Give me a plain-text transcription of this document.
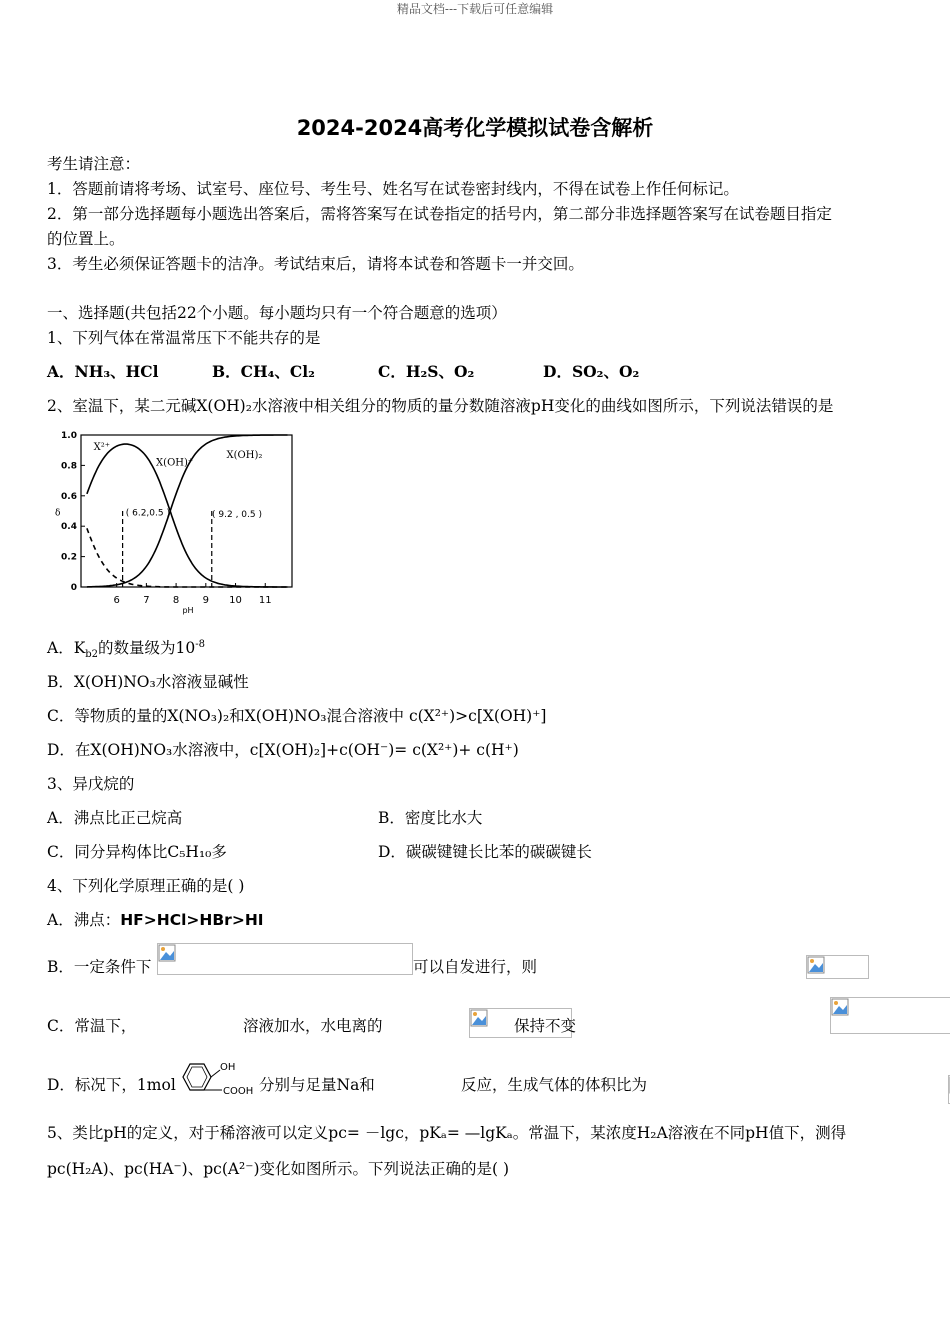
精品文档---下载后可任意编辑
2024-2024高考化学模拟试卷含解析
考生请注意：
1．答题前请将考场、试室号、座位号、考生号、姓名写在试卷密封线内，不得在试卷上作任何标记。
2．第一部分选择题每小题选出答案后，需将答案写在试卷指定的括号内，第二部分非选择题答案写在试卷题目指定
的位置上。
3．考生必须保证答题卡的洁净。考试结束后，请将本试卷和答题卡一并交回。
一、选择题(共包括22个小题。每小题均只有一个符合题意的选项）
1、下列气体在常温常压下不能共存的是
A．NH₃、HCl	B．CH₄、Cl₂	C．H₂S、O₂	D．SO₂、O₂
2、室温下，某二元碱X(OH)₂水溶液中相关组分的物质的量分数随溶液pH变化的曲线如图所示，下列说法错误的是
0
0.2
0.4
0.6
0.8
1.0
6 7 8 9 10 11
pH
δ
X²⁺
X(OH)⁺
X(OH)₂
( 6.2,0.5 )	( 9.2 , 0.5 )
A．$K_{b2}$的数量级为$10^{-8}$
B．X(OH)NO₃水溶液显碱性
C．等物质的量的X(NO₃)₂和X(OH)NO₃混合溶液中 c(X²⁺)>c[X(OH)⁺]
D．在X(OH)NO₃水溶液中，c[X(OH)₂]+c(OH⁻)= c(X²⁺)+ c(H⁺)
3、异戊烷的
A．沸点比正己烷高	B．密度比水大
C．同分异构体比C₅H₁₀多	D．碳碳键键长比苯的碳碳键长
4、下列化学原理正确的是( )
A．沸点：HF>HCl>HBr>HI
B．一定条件下
	可以自发进行，则

C．常温下，
	溶液加水，水电离的
	保持不变
D．标况下，1mol
OH
COOH 分别与足量Na和
	反应，生成气体的体积比为
5、类比pH的定义，对于稀溶液可以定义pc= －lgc，pKₐ= —lgKₐ。常温下，某浓度H₂A溶液在不同pH值下，测得
pc(H₂A)、pc(HA⁻)、pc(A²⁻)变化如图所示。下列说法正确的是( )
